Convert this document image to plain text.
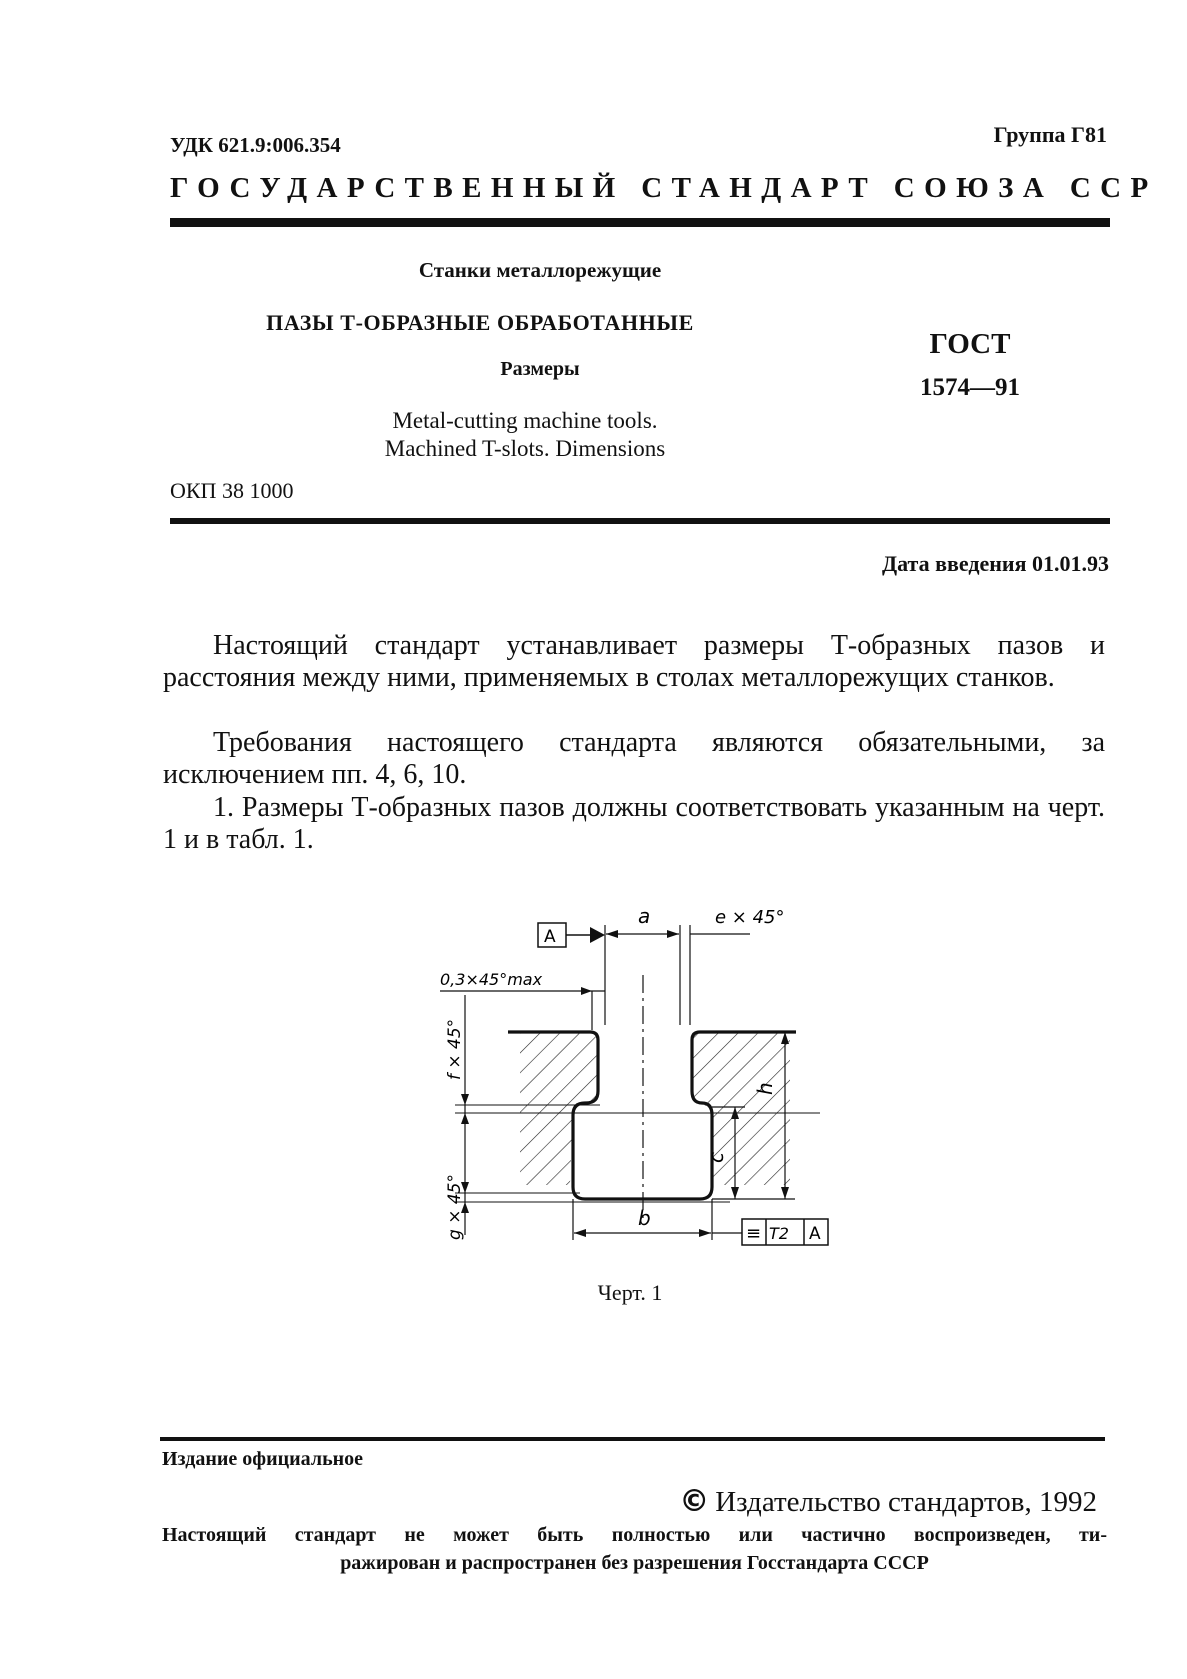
УДК 621.9:006.354	Группа Г81
ГОСУДАРСТВЕННЫЙ СТАНДАРТ СОЮЗА ССР
Станки металлорежущие
ПАЗЫ Т-ОБРАЗНЫЕ ОБРАБОТАННЫЕ
Размеры
Metal-cutting machine tools.
Machined T-slots. Dimensions
ГОСТ
1574—91
ОКП 38 1000
Дата введения 01.01.93

Настоящий стандарт устанавливает размеры Т-образных пазов и расстояния между ними, применяемых в столах металлорежущих станков.

Требования настоящего стандарта являются обязательными, за исключением пп. 4, 6, 10.

1. Размеры Т-образных пазов должны соответствовать указанным на черт. 1 и в табл. 1.

a	e × 45°
A
0,3×45°max
f × 45°
g × 45°
h
c
b
≡ T2 A
Черт. 1
Издание официальное
© Издательство стандартов, 1992
Настоящий стандарт не может быть полностью или частично воспроизведен, ти-
ражирован и распространен без разрешения Госстандарта СССР
